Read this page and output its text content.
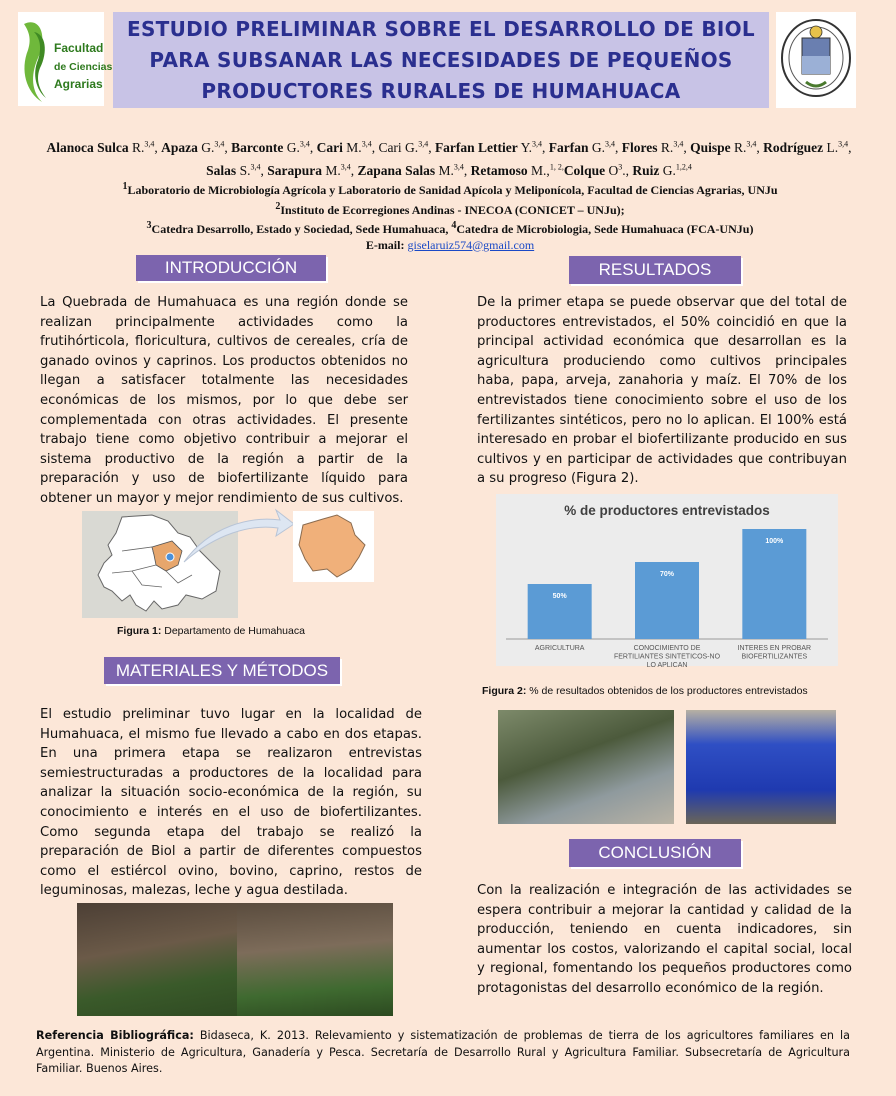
Facultad
de Ciencias
Agrarias
ESTUDIO PRELIMINAR SOBRE EL DESARROLLO DE BIOL
PARA SUBSANAR LAS NECESIDADES DE PEQUEÑOS
PRODUCTORES RURALES DE HUMAHUACA
Alanoca Sulca R.$^{3,4}$, Apaza G.$^{3,4}$, Barconte G.$^{3,4}$, Cari M.$^{3,4}$, Cari G.$^{3,4}$, Farfan Lettier Y.$^{3,4}$, Farfan G.$^{3,4}$, Flores R.$^{3,4}$, Quispe R.$^{3,4}$, Rodríguez L.$^{3,4}$, Salas S.$^{3,4}$, Sarapura M.$^{3,4}$, Zapana Salas M.$^{3,4}$, Retamoso M.,$^{1, 2,}$Colque $O^3$., Ruiz G.$^{1,2,4}$
$^1$Laboratorio de Microbiología Agrícola y Laboratorio de Sanidad Apícola y Meliponícola, Facultad de Ciencias Agrarias, UNJu
$^2$Instituto de Ecorregiones Andinas - INECOA (CONICET – UNJu);
$^3$Catedra Desarrollo, Estado y Sociedad, Sede Humahuaca, $^4$Catedra de Microbiologia, Sede Humahuaca (FCA-UNJu)
E-mail: giselaruiz574@gmail.com
INTRODUCCIÓN
La Quebrada de Humahuaca es una región donde se realizan principalmente actividades como la frutihórticola, floricultura, cultivos de cereales, cría de ganado ovinos y caprinos. Los productos obtenidos no llegan a satisfacer totalmente las necesidades económicas de los mismos, por lo que debe ser complementada con otras actividades. El presente trabajo tiene como objetivo contribuir a mejorar el sistema productivo de la región a partir de la preparación y uso de biofertilizante líquido para obtener un mayor y mejor rendimiento de sus cultivos.
Figura 1: Departamento de Humahuaca
MATERIALES Y MÉTODOS
El estudio preliminar tuvo lugar en la localidad de Humahuaca, el mismo fue llevado a cabo en dos etapas. En una primera etapa se realizaron entrevistas semiestructuradas a productores de la localidad para analizar la situación socio-económica de la región, su conocimiento e interés en el uso de biofertilizantes. Como segunda etapa del trabajo se realizó la preparación de Biol a partir de diferentes compuestos como el estiércol ovino, bovino, caprino, restos de leguminosas, malezas, leche y agua destilada.
RESULTADOS
De la primer etapa se puede observar que del total de productores entrevistados, el 50% coincidió en que la principal actividad económica que desarrollan es la agricultura produciendo como cultivos principales haba, papa, arveja, zanahoria y maíz. El 70% de los entrevistados tiene conocimiento sobre el uso de los fertilizantes sintéticos, pero no lo aplican. El 100% está interesado en probar el biofertilizante producido en sus cultivos y en participar de actividades que contribuyan a su progreso (Figura 2).
% de productores entrevistados
50%
AGRICULTURA
70%
CONOCIMIENTO DE FERTILIANTES SINTETICOS-NO LO APLICAN
100%
INTERES EN PROBAR BIOFERTILIZANTES
Figura 2: % de resultados obtenidos de los productores entrevistados
CONCLUSIÓN
Con la realización e integración de las actividades se espera contribuir a mejorar la cantidad y calidad de la producción, teniendo en cuenta indicadores, sin aumentar los costos, valorizando el capital social, local y regional, fomentando los pequeños productores como protagonistas del desarrollo económico de la región.
Referencia Bibliográfica: Bidaseca, K. 2013. Relevamiento y sistematización de problemas de tierra de los agricultores familiares en la Argentina. Ministerio de Agricultura, Ganadería y Pesca. Secretaría de Desarrollo Rural y Agricultura Familiar. Subsecretaría de Agricultura Familiar. Buenos Aires.
